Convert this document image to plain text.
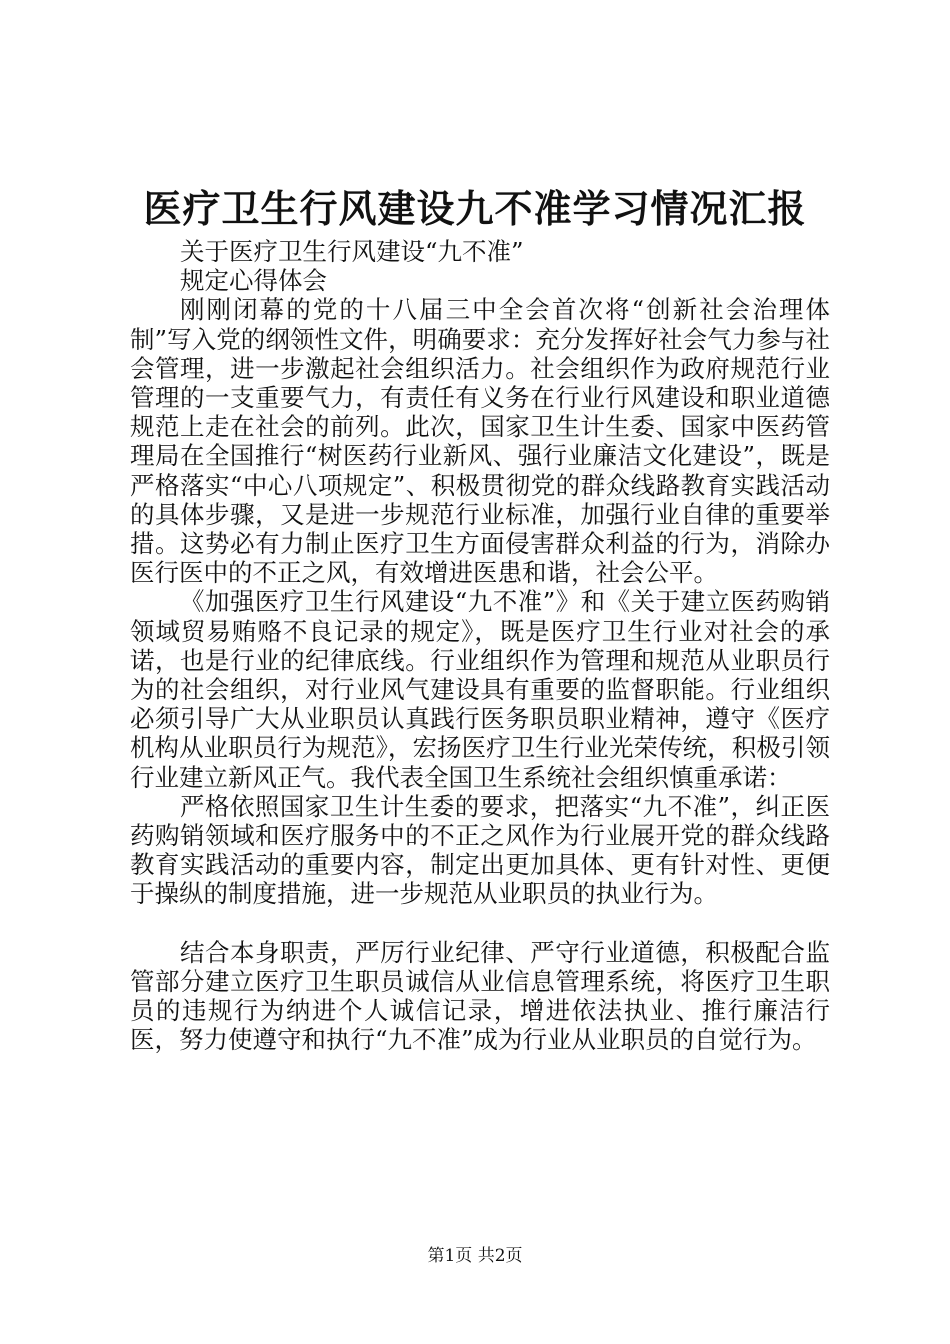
医疗卫生行风建设九不准学习情况汇报
关于医疗卫生行风建设“九不准”
规定心得体会
刚刚闭幕的党的十八届三中全会首次将“创新社会治理体制”写入党的纲领性文件，明确要求：充分发挥好社会气力参与社会管理，进一步激起社会组织活力。社会组织作为政府规范行业管理的一支重要气力，有责任有义务在行业行风建设和职业道德规范上走在社会的前列。此次，国家卫生计生委、国家中医药管理局在全国推行“树医药行业新风、强行业廉洁文化建设”，既是严格落实“中心八项规定”、积极贯彻党的群众线路教育实践活动的具体步骤，又是进一步规范行业标准，加强行业自律的重要举措。这势必有力制止医疗卫生方面侵害群众利益的行为，消除办医行医中的不正之风，有效增进医患和谐，社会公平。
《加强医疗卫生行风建设“九不准”》和《关于建立医药购销领域贸易贿赂不良记录的规定》，既是医疗卫生行业对社会的承诺，也是行业的纪律底线。行业组织作为管理和规范从业职员行为的社会组织，对行业风气建设具有重要的监督职能。行业组织必须引导广大从业职员认真践行医务职员职业精神，遵守《医疗机构从业职员行为规范》，宏扬医疗卫生行业光荣传统，积极引领行业建立新风正气。我代表全国卫生系统社会组织慎重承诺：
严格依照国家卫生计生委的要求，把落实“九不准”，纠正医药购销领域和医疗服务中的不正之风作为行业展开党的群众线路教育实践活动的重要内容，制定出更加具体、更有针对性、更便于操纵的制度措施，进一步规范从业职员的执业行为。
结合本身职责，严厉行业纪律、严守行业道德，积极配合监管部分建立医疗卫生职员诚信从业信息管理系统，将医疗卫生职员的违规行为纳进个人诚信记录，增进依法执业、推行廉洁行医，努力使遵守和执行“九不准”成为行业从业职员的自觉行为。
第1页 共2页
